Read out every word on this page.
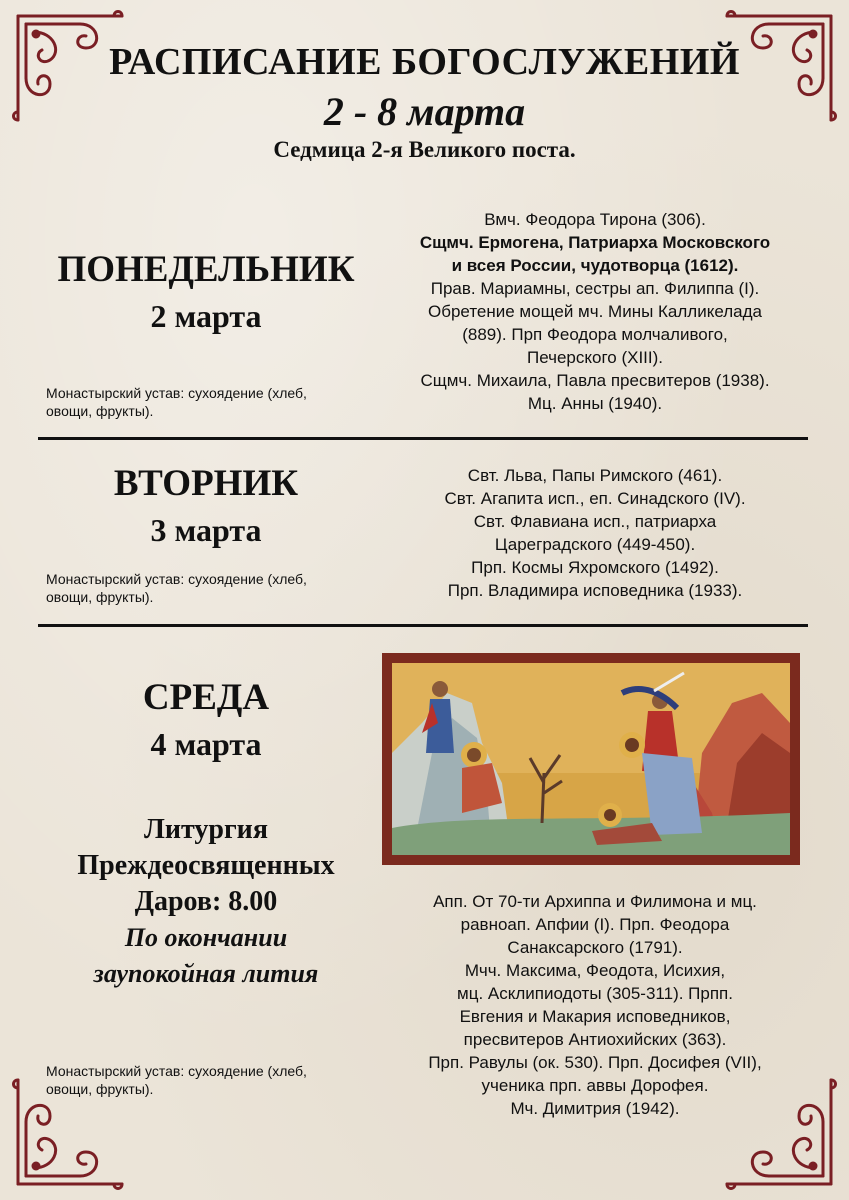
РАСПИСАНИЕ БОГОСЛУЖЕНИЙ
2 - 8 марта
Седмица 2-я Великого поста.
ПОНЕДЕЛЬНИК
2 марта
Монастырский устав: сухоядение (хлеб,
овощи, фрукты).
Вмч. Феодора Тирона (306).
Сщмч. Ермогена, Патриарха Московского
и всея России, чудотворца (1612).
Прав. Мариамны, сестры ап. Филиппа (I).
Обретение мощей мч. Мины Калликелада
(889). Прп Феодора молчаливого,
Печерского (XIII).
Сщмч. Михаила, Павла пресвитеров (1938).
Мц. Анны (1940).
ВТОРНИК
3 марта
Монастырский устав: сухоядение (хлеб,
овощи, фрукты).
Свт. Льва, Папы Римского (461).
Свт. Агапита исп., еп. Синадского (IV).
Свт. Флавиана исп., патриарха
Цареградского (449-450).
Прп. Космы Яхромского (1492).
Прп. Владимира исповедника (1933).
СРЕДА
4 марта
Литургия
Преждеосвященных
Даров: 8.00
По окончании
заупокойная лития
Монастырский устав: сухоядение (хлеб,
овощи, фрукты).
Апп. От 70-ти Архиппа и Филимона и мц.
равноап. Апфии (I). Прп. Феодора
Санаксарского (1791).
Мчч. Максима, Феодота, Исихия,
мц. Асклипиодоты (305-311). Прпп.
Евгения и Макария исповедников,
пресвитеров Антиохийских (363).
Прп. Равулы (ок. 530). Прп. Досифея (VII),
ученика прп. аввы Дорофея.
Мч. Димитрия (1942).
